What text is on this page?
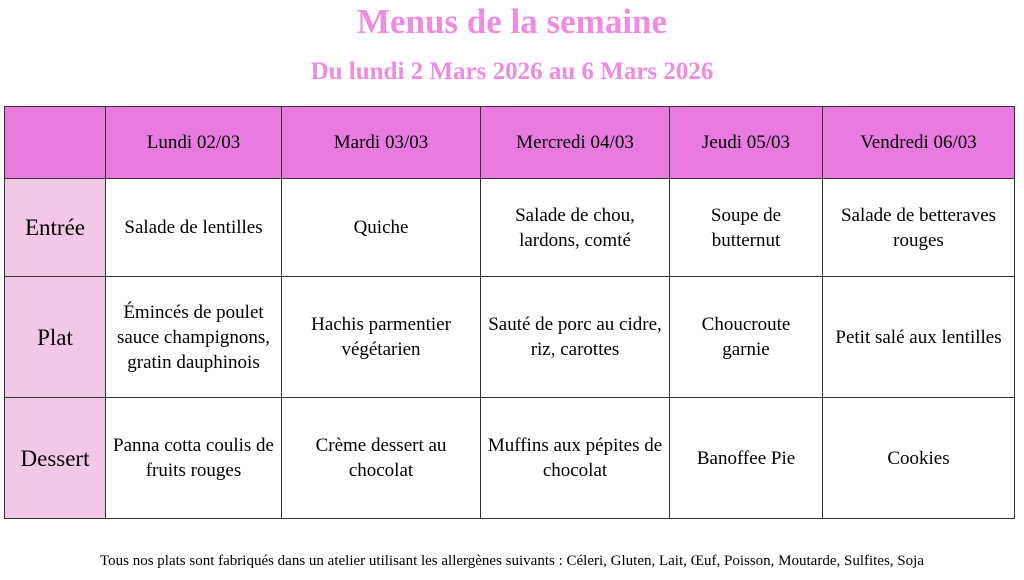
Menus de la semaine
Du lundi 2 Mars 2026 au 6 Mars 2026
	Lundi 02/03	Mardi 03/03	Mercredi 04/03	Jeudi 05/03	Vendredi 06/03
Entrée	Salade de lentilles	Quiche	Salade de chou, lardons, comté	Soupe de butternut	Salade de betteraves rouges
Plat	Émincés de poulet sauce champignons, gratin dauphinois	Hachis parmentier végétarien	Sauté de porc au cidre, riz, carottes	Choucroute garnie	Petit salé aux lentilles
Dessert	Panna cotta coulis de fruits rouges	Crème dessert au chocolat	Muffins aux pépites de chocolat	Banoffee Pie	Cookies
Tous nos plats sont fabriqués dans un atelier utilisant les allergènes suivants : Céleri, Gluten, Lait, Œuf, Poisson, Moutarde, Sulfites, Soja
